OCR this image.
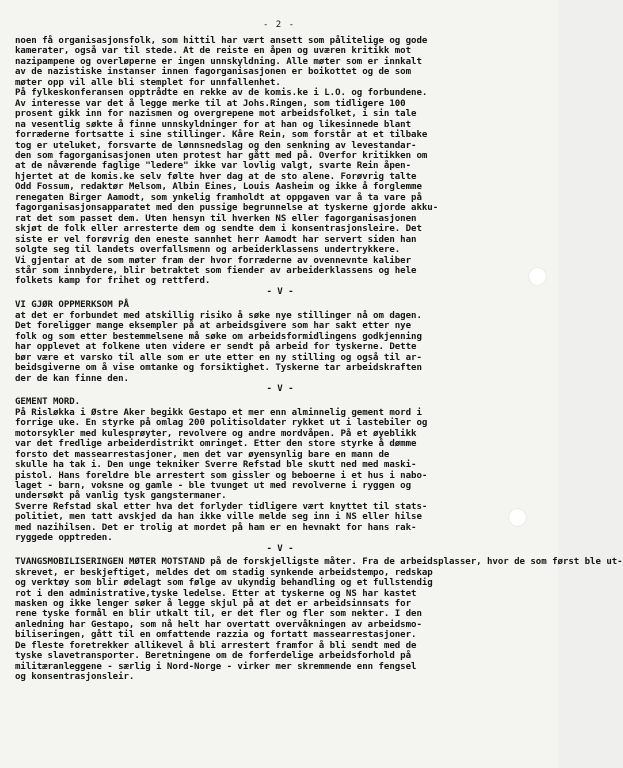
- 2 -
noen få organisasjonsfolk, som hittil har vært ansett som pålitelige og gode
kamerater, også var til stede. At de reiste en åpen og uværen kritikk mot
nazipampene og overløperne er ingen unnskyldning. Alle møter som er innkalt
av de nazistiske instanser innen fagorganisasjonen er boikottet og de som
møter opp vil alle bli stemplet for unnfallenhet.
På fylkeskonferansen opptrådte en rekke av de komis.ke i L.O. og forbundene.
Av interesse var det å legge merke til at Johs.Ringen, som tidligere 100
prosent gikk inn for nazismen og overgrepene mot arbeidsfolket, i sin tale
na vesentlig søkte å finne unnskyldninger for at han og likesinnede blant
forræderne fortsatte i sine stillinger. Kåre Rein, som forstår at et tilbake
tog er uteluket, forsvarte de lønnsnedslag og den senkning av levestandar-
den som fagorganisasjonen uten protest har gått med på. Overfor kritikken om
at de nåværende faglige "ledere" ikke var lovlig valgt, svarte Rein åpen-
hjertet at de komis.ke selv følte hver dag at de sto alene. Forøvrig talte
Odd Fossum, redaktør Melsom, Albin Eines, Louis Aasheim og ikke å forglemme
renegaten Birger Aamodt, som ynkelig framholdt at oppgaven var å ta vare på
fagorganisasjonsapparatet med den pussige begrunnelse at tyskerne gjorde akku-
rat det som passet dem. Uten hensyn til hverken NS eller fagorganisasjonen
skjøt de folk eller arresterte dem og sendte dem i konsentrasjonsleire. Det
siste er vel forøvrig den eneste sannhet herr Aamodt har servert siden han
solgte seg til landets overfallsmenn og arbeiderklassens undertrykkere.
Vi gjentar at de som møter fram der hvor forræderne av ovennevnte kaliber
står som innbydere, blir betraktet som fiender av arbeiderklassens og hele
folkets kamp for frihet og rettferd.
- V -
VI GJØR OPPMERKSOM PÅ
at det er forbundet med atskillig risiko å søke nye stillinger nå om dagen.
Det foreligger mange eksempler på at arbeidsgivere som har sakt etter nye
folk og som etter bestemmelsene må søke om arbeidsformidlingens godkjenning
har opplevet at folkene uten videre er sendt på arbeid for tyskerne. Dette
bør være et varsko til alle som er ute etter en ny stilling og også til ar-
beidsgiverne om å vise omtanke og forsiktighet. Tyskerne tar arbeidskraften
der de kan finne den.
- V -
GEMENT MORD.
På Risløkka i Østre Aker begikk Gestapo et mer enn alminnelig gement mord i
forrige uke. En styrke på omlag 200 politisoldater rykket ut i lastebiler og
motorsykler med kulesprøyter, revolvere og andre mordvåpen. På et øyeblikk
var det fredlige arbeiderdistrikt omringet. Etter den store styrke å dømme
forsto det massearrestasjoner, men det var øyensynlig bare en mann de
skulle ha tak i. Den unge tekniker Sverre Refstad ble skutt ned med maski-
pistol. Hans foreldre ble arrestert som gissler og beboerne i et hus i nabo-
laget - barn, voksne og gamle - ble tvunget ut med revolverne i ryggen og
undersøkt på vanlig tysk gangstermaner.
Sverre Refstad skal etter hva det forlyder tidligere vært knyttet til stats-
politiet, men tatt avskjed da han ikke ville melde seg inn i NS eller hilse
med nazihilsen. Det er trolig at mordet på ham er en hevnakt for hans rak-
ryggede opptreden.
- V -
TVANGSMOBILISERINGEN MØTER MOTSTAND på de forskjelligste måter. Fra de arbeidsplasser, hvor de som først ble ut-
skrevet, er beskjeftiget, meldes det om stadig synkende arbeidstempo, redskap
og verktøy som blir ødelagt som følge av ukyndig behandling og et fullstendig
rot i den administrative,tyske ledelse. Etter at tyskerne og NS har kastet
masken og ikke lenger søker å legge skjul på at det er arbeidsinnsats for
rene tyske formål en blir utkalt til, er det fler og fler som nekter. I den
anledning har Gestapo, som nå helt har overtatt overvåkningen av arbeidsmo-
biliseringen, gått til en omfattende razzia og fortatt massearrestasjoner.
De fleste foretrekker allikevel å bli arrestert framfor å bli sendt med de
tyske slavetransporter. Beretningene om de forferdelige arbeidsforhold på
militæranleggene - særlig i Nord-Norge - virker mer skremmende enn fengsel
og konsentrasjonsleir.
